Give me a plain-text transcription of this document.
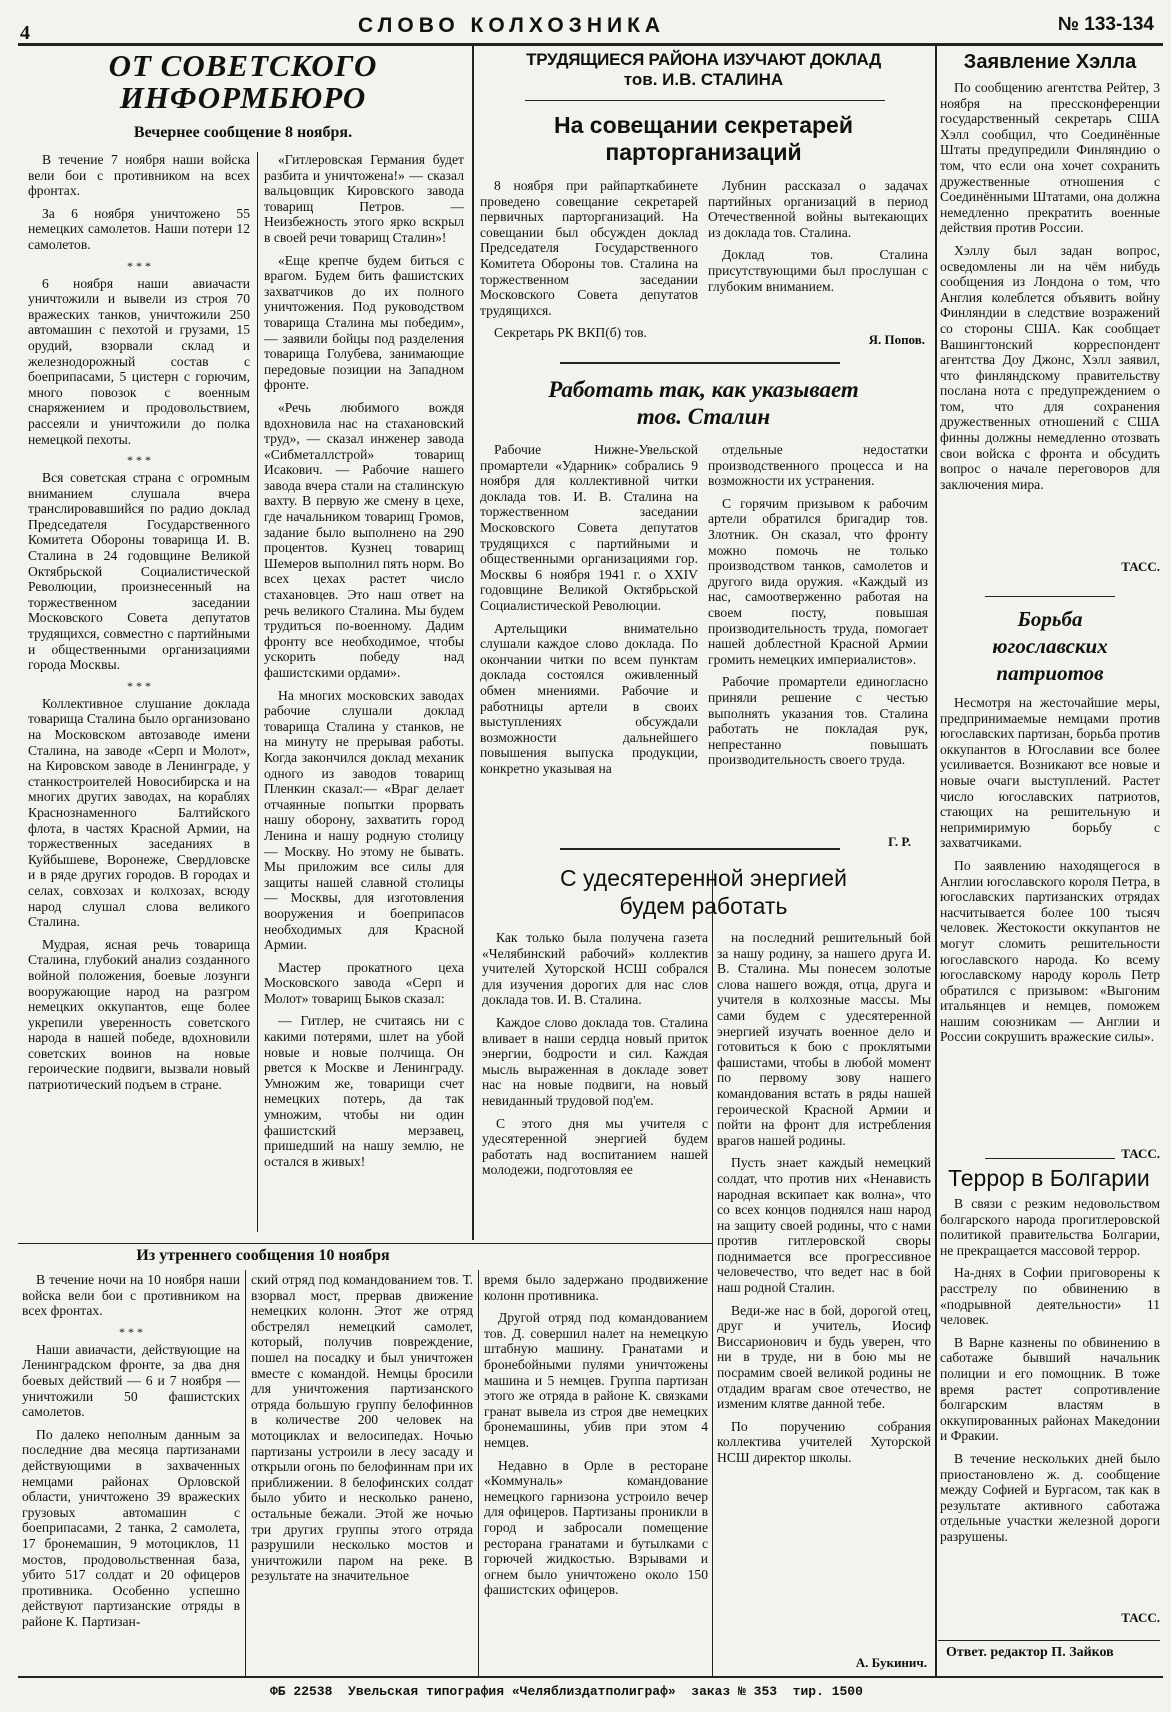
4	СЛОВО КОЛХОЗНИКА	№ 133-134
ОТ СОВЕТСКОГО ИНФОРМБЮРО
Вечернее сообщение 8 ноября.

В течение 7 ноября наши войска вели бои с противником на всех фронтах.

За 6 ноября уничтожено 55 немецких самолетов. Наши потери 12 самолетов.

* * *

6 ноября наши авиачасти уничтожили и вывели из строя 70 вражеских танков, уничтожили 250 автомашин с пехотой и грузами, 15 орудий, взорвали склад и железнодорожный состав с боеприпасами, 5 цистерн с горючим, много повозок с военным снаряжением и продовольствием, рассеяли и уничтожили до полка немецкой пехоты.

* * *

Вся советская страна с огромным вниманием слушала вчера транслировавшийся по радио доклад Председателя Государственного Комитета Обороны товарища И. В. Сталина в 24 годовщине Великой Октябрьской Социалистической Революции, произнесенный на торжественном заседании Московского Совета депутатов трудящихся, совместно с партийными и общественными организациями города Москвы.

* * *

Коллективное слушание доклада товарища Сталина было организовано на Московском автозаводе имени Сталина, на заводе «Серп и Молот», на Кировском заводе в Ленинграде, у станкостроителей Новосибирска и на многих других заводах, на кораблях Краснознаменного Балтийского флота, в частях Красной Армии, на торжественных заседаниях в Куйбышеве, Воронеже, Свердловске и в ряде других городов. В городах и селах, совхозах и колхозах, всюду народ слушал слова великого Сталина.

Мудрая, ясная речь товарища Сталина, глубокий анализ созданного войной положения, боевые лозунги вооружающие народ на разгром немецких оккупантов, еще более укрепили уверенность советского народа в нашей победе, вдохновили советских воинов на новые героические подвиги, вызвали новый патриотический подъем в стране.

«Гитлеровская Германия будет разбита и уничтожена!» — сказал вальцовщик Кировского завода товарищ Петров. — Неизбежность этого ярко вскрыл в своей речи товарищ Сталин»!

«Еще крепче будем биться с врагом. Будем бить фашистских захватчиков до их полного уничтожения. Под руководством товарища Сталина мы победим», — заявили бойцы под разделения товарища Голубева, занимающие передовые позиции на Западном фронте.

«Речь любимого вождя вдохновила нас на стахановский труд», — сказал инженер завода «Сибметаллстрой» товарищ Исакович. — Рабочие нашего завода вчера стали на сталинскую вахту. В первую же смену в цехе, где начальником товарищ Громов, задание было выполнено на 290 процентов. Кузнец товарищ Шемеров выполнил пять норм. Во всех цехах растет число стахановцев. Это наш ответ на речь великого Сталина. Мы будем трудиться по-военному. Дадим фронту все необходимое, чтобы ускорить победу над фашистскими ордами».

На многих московских заводах рабочие слушали доклад товарища Сталина у станков, не на минуту не прерывая работы. Когда закончился доклад механик одного из заводов товарищ Пленкин сказал:— «Враг делает отчаянные попытки прорвать нашу оборону, захватить город Ленина и нашу родную столицу — Москву. Но этому не бывать. Мы приложим все силы для защиты нашей славной столицы — Москвы, для изготовления вооружения и боеприпасов необходимых для Красной Армии.

Мастер прокатного цеха Московского завода «Серп и Молот» товарищ Быков сказал:

— Гитлер, не считаясь ни с какими потерями, шлет на убой новые и новые полчища. Он рвется к Москве и Ленинграду. Умножим же, товарищи счет немецких потерь, да так умножим, чтобы ни один фашистский мерзавец, пришедший на нашу землю, не остался в живых!

ТРУДЯЩИЕСЯ РАЙОНА ИЗУЧАЮТ ДОКЛАД
тов. И.В. СТАЛИНА
На совещании секретарей парторганизаций

8 ноября при райпарткабинете проведено совещание секретарей первичных парторганизаций. На совещании был обсужден доклад Председателя Государственного Комитета Обороны тов. Сталина на торжественном заседании Московского Совета депутатов трудящихся.

Секретарь РК ВКП(б) тов.

Лубнин рассказал о задачах партийных организаций в период Отечественной войны вытекающих из доклада тов. Сталина.

Доклад тов. Сталина присутствующими был прослушан с глубоким вниманием.

Я. Попов.
Работать так, как указывает тов. Сталин

Рабочие Нижне-Увельской промартели «Ударник» собрались 9 ноября для коллективной читки доклада тов. И. В. Сталина на торжественном заседании Московского Совета депутатов трудящихся с партийными и общественными организациями гор. Москвы 6 ноября 1941 г. о XXIV годовщине Великой Октябрьской Социалистической Революции.

Артельщики внимательно слушали каждое слово доклада. По окончании читки по всем пунктам доклада состоялся оживленный обмен мнениями. Рабочие и работницы артели в своих выступлениях обсуждали возможности дальнейшего повышения выпуска продукции, конкретно указывая на

отдельные недостатки производственного процесса и на возможности их устранения.

С горячим призывом к рабочим артели обратился бригадир тов. Злотник. Он сказал, что фронту можно помочь не только производством танков, самолетов и другого вида оружия. «Каждый из нас, самоотверженно работая на своем посту, повышая производительность труда, помогает нашей доблестной Красной Армии громить немецких империалистов».

Рабочие промартели единогласно приняли решение с честью выполнять указания тов. Сталина работать не покладая рук, непрестанно повышать производительность своего труда.

Г. Р.
С удесятеренной энергией будем работать

Как только была получена газета «Челябинский рабочий» коллектив учителей Хуторской НСШ собрался для изучения дорогих для нас слов доклада тов. И. В. Сталина.

Каждое слово доклада тов. Сталина вливает в наши сердца новый приток энергии, бодрости и сил. Каждая мысль выраженная в докладе зовет нас на новые подвиги, на новый невиданный трудовой под'ем.

С этого дня мы учителя с удесятеренной энергией будем работать над воспитанием нашей молодежи, подготовляя ее

на последний решительный бой за нашу родину, за нашего друга И. В. Сталина. Мы понесем золотые слова нашего вождя, отца, друга и учителя в колхозные массы. Мы сами будем с удесятеренной энергией изучать военное дело и готовиться к бою с проклятыми фашистами, чтобы в любой момент по первому зову нашего командования встать в ряды нашей героической Красной Армии и пойти на фронт для истребления врагов нашей родины.

Пусть знает каждый немецкий солдат, что против них «Ненависть народная вскипает как волна», что со всех концов поднялся наш народ на защиту своей родины, что с нами против гитлеровской своры поднимается все прогрессивное человечество, что ведет нас в бой наш родной Сталин.

Веди-же нас в бой, дорогой отец, друг и учитель, Иосиф Виссарионович и будь уверен, что ни в труде, ни в бою мы не посрамим своей великой родины не отдадим врагам свое отечество, не изменим клятве данной тебе.

По поручению собрания коллектива учителей Хуторской НСШ директор школы.

А. Букинич.
Из утреннего сообщения 10 ноября

В течение ночи на 10 ноября наши войска вели бои с противником на всех фронтах.

* * *

Наши авиачасти, действующие на Ленинградском фронте, за два дня боевых действий — 6 и 7 ноября — уничтожили 50 фашистских самолетов.

По далеко неполным данным за последние два месяца партизанами действующими в захваченных немцами районах Орловской области, уничтожено 39 вражеских грузовых автомашин с боеприпасами, 2 танка, 2 самолета, 17 бронемашин, 9 мотоциклов, 11 мостов, продовольственная база, убито 517 солдат и 20 офицеров противника. Особенно успешно действуют партизанские отряды в районе К. Партизан-

ский отряд под командованием тов. Т. взорвал мост, прервав движение немецких колонн. Этот же отряд обстрелял немецкий самолет, который, получив повреждение, пошел на посадку и был уничтожен вместе с командой. Немцы бросили для уничтожения партизанского отряда большую группу белофиннов в количестве 200 человек на мотоциклах и велосипедах. Ночью партизаны устроили в лесу засаду и открыли огонь по белофиннам при их приближении. 8 белофинских солдат было убито и несколько ранено, остальные бежали. Этой же ночью три других группы этого отряда разрушили несколько мостов и уничтожили паром на реке. В результате на значительное

время было задержано продвижение колонн противника.

Другой отряд под командованием тов. Д. совершил налет на немецкую штабную машину. Гранатами и бронебойными пулями уничтожены машина и 5 немцев. Группа партизан этого же отряда в районе К. связками гранат вывела из строя две немецких бронемашины, убив при этом 4 немцев.

Недавно в Орле в ресторане «Коммуналь» командование немецкого гарнизона устроило вечер для офицеров. Партизаны проникли в город и забросали помещение ресторана гранатами и бутылками с горючей жидкостью. Взрывами и огнем было уничтожено около 150 фашистских офицеров.

Заявление Хэлла

По сообщению агентства Рейтер, 3 ноября на прессконференции государственный секретарь США Хэлл сообщил, что Соединённые Штаты предупредили Финляндию о том, что если она хочет сохранить дружественные отношения с Соединёнными Штатами, она должна немедленно прекратить военные действия против России.

Хэллу был задан вопрос, осведомлены ли на чём нибудь сообщения из Лондона о том, что Англия колеблется объявить войну Финляндии в следствие возражений со стороны США. Как сообщает Вашингтонский корреспондент агентства Доу Джонс, Хэлл заявил, что финляндскому правительству послана нота с предупреждением о том, что для сохранения дружественных отношений с США финны должны немедленно отозвать свои войска с фронта и обсудить вопрос о начале переговоров для заключения мира.

ТАСС.
Борьба югославских патриотов

Несмотря на жесточайшие меры, предпринимаемые немцами против югославских партизан, борьба против оккупантов в Югославии все более усиливается. Возникают все новые и новые очаги выступлений. Растет число югославских патриотов, стающих на решительную и непримиримую борьбу с захватчиками.

По заявлению находящегося в Англии югославского короля Петра, в югославских партизанских отрядах насчитывается более 100 тысяч человек. Жестокости оккупантов не могут сломить решительности югославского народа. Ко всему югославскому народу король Петр обратился с призывом: «Выгоним итальянцев и немцев, поможем нашим союзникам — Англии и России сокрушить вражеские силы».

ТАСС.
Террор в Болгарии

В связи с резким недовольством болгарского народа прогитлеровской политикой правительства Болгарии, не прекращается массовой террор.

На-днях в Софии приговорены к расстрелу по обвинению в «подрывной деятельности» 11 человек.

В Варне казнены по обвинению в саботаже бывший начальник полиции и его помощник. В тоже время растет сопротивление болгарским властям в оккупированных районах Македонии и Фракии.

В течение нескольких дней было приостановлено ж. д. сообщение между Софией и Бургасом, так как в результате активного саботажа отдельные участки железной дороги разрушены.

ТАСС.
Ответ. редактор П. Зайков
ФБ 22538  Увельская типография «Челяблиздатполиграф»  заказ № 353  тир. 1500
